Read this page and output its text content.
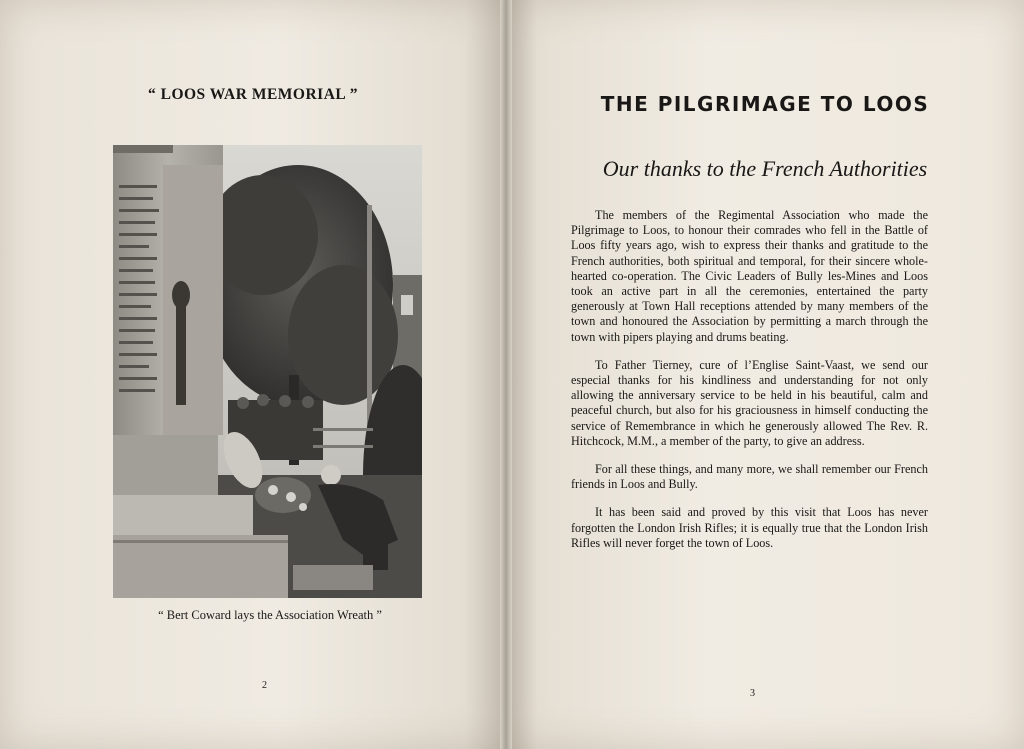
“ LOOS WAR MEMORIAL ”
“ Bert Coward lays the Association Wreath ”
2
THE PILGRIMAGE TO LOOS
Our thanks to the French Authorities

The members of the Regimental Association who made the Pilgrimage to Loos, to honour their comrades who fell in the Battle of Loos fifty years ago, wish to express their thanks and gratitude to the French authorities, both spiritual and temporal, for their sincere whole-hearted co-operation. The Civic Leaders of Bully les-Mines and Loos took an active part in all the ceremonies, entertained the party generously at Town Hall receptions attended by many members of the town and honoured the Association by permitting a march through the town with pipers playing and drums beating.

To Father Tierney, cure of l’Englise Saint-Vaast, we send our especial thanks for his kindliness and understanding for not only allowing the anniversary service to be held in his beautiful, calm and peaceful church, but also for his graciousness in himself conducting the service of Remembrance in which he generously allowed The Rev. R. Hitchcock, M.M., a member of the party, to give an address.

For all these things, and many more, we shall remember our French friends in Loos and Bully.

It has been said and proved by this visit that Loos has never forgotten the London Irish Rifles; it is equally true that the London Irish Rifles will never forget the town of Loos.

3
